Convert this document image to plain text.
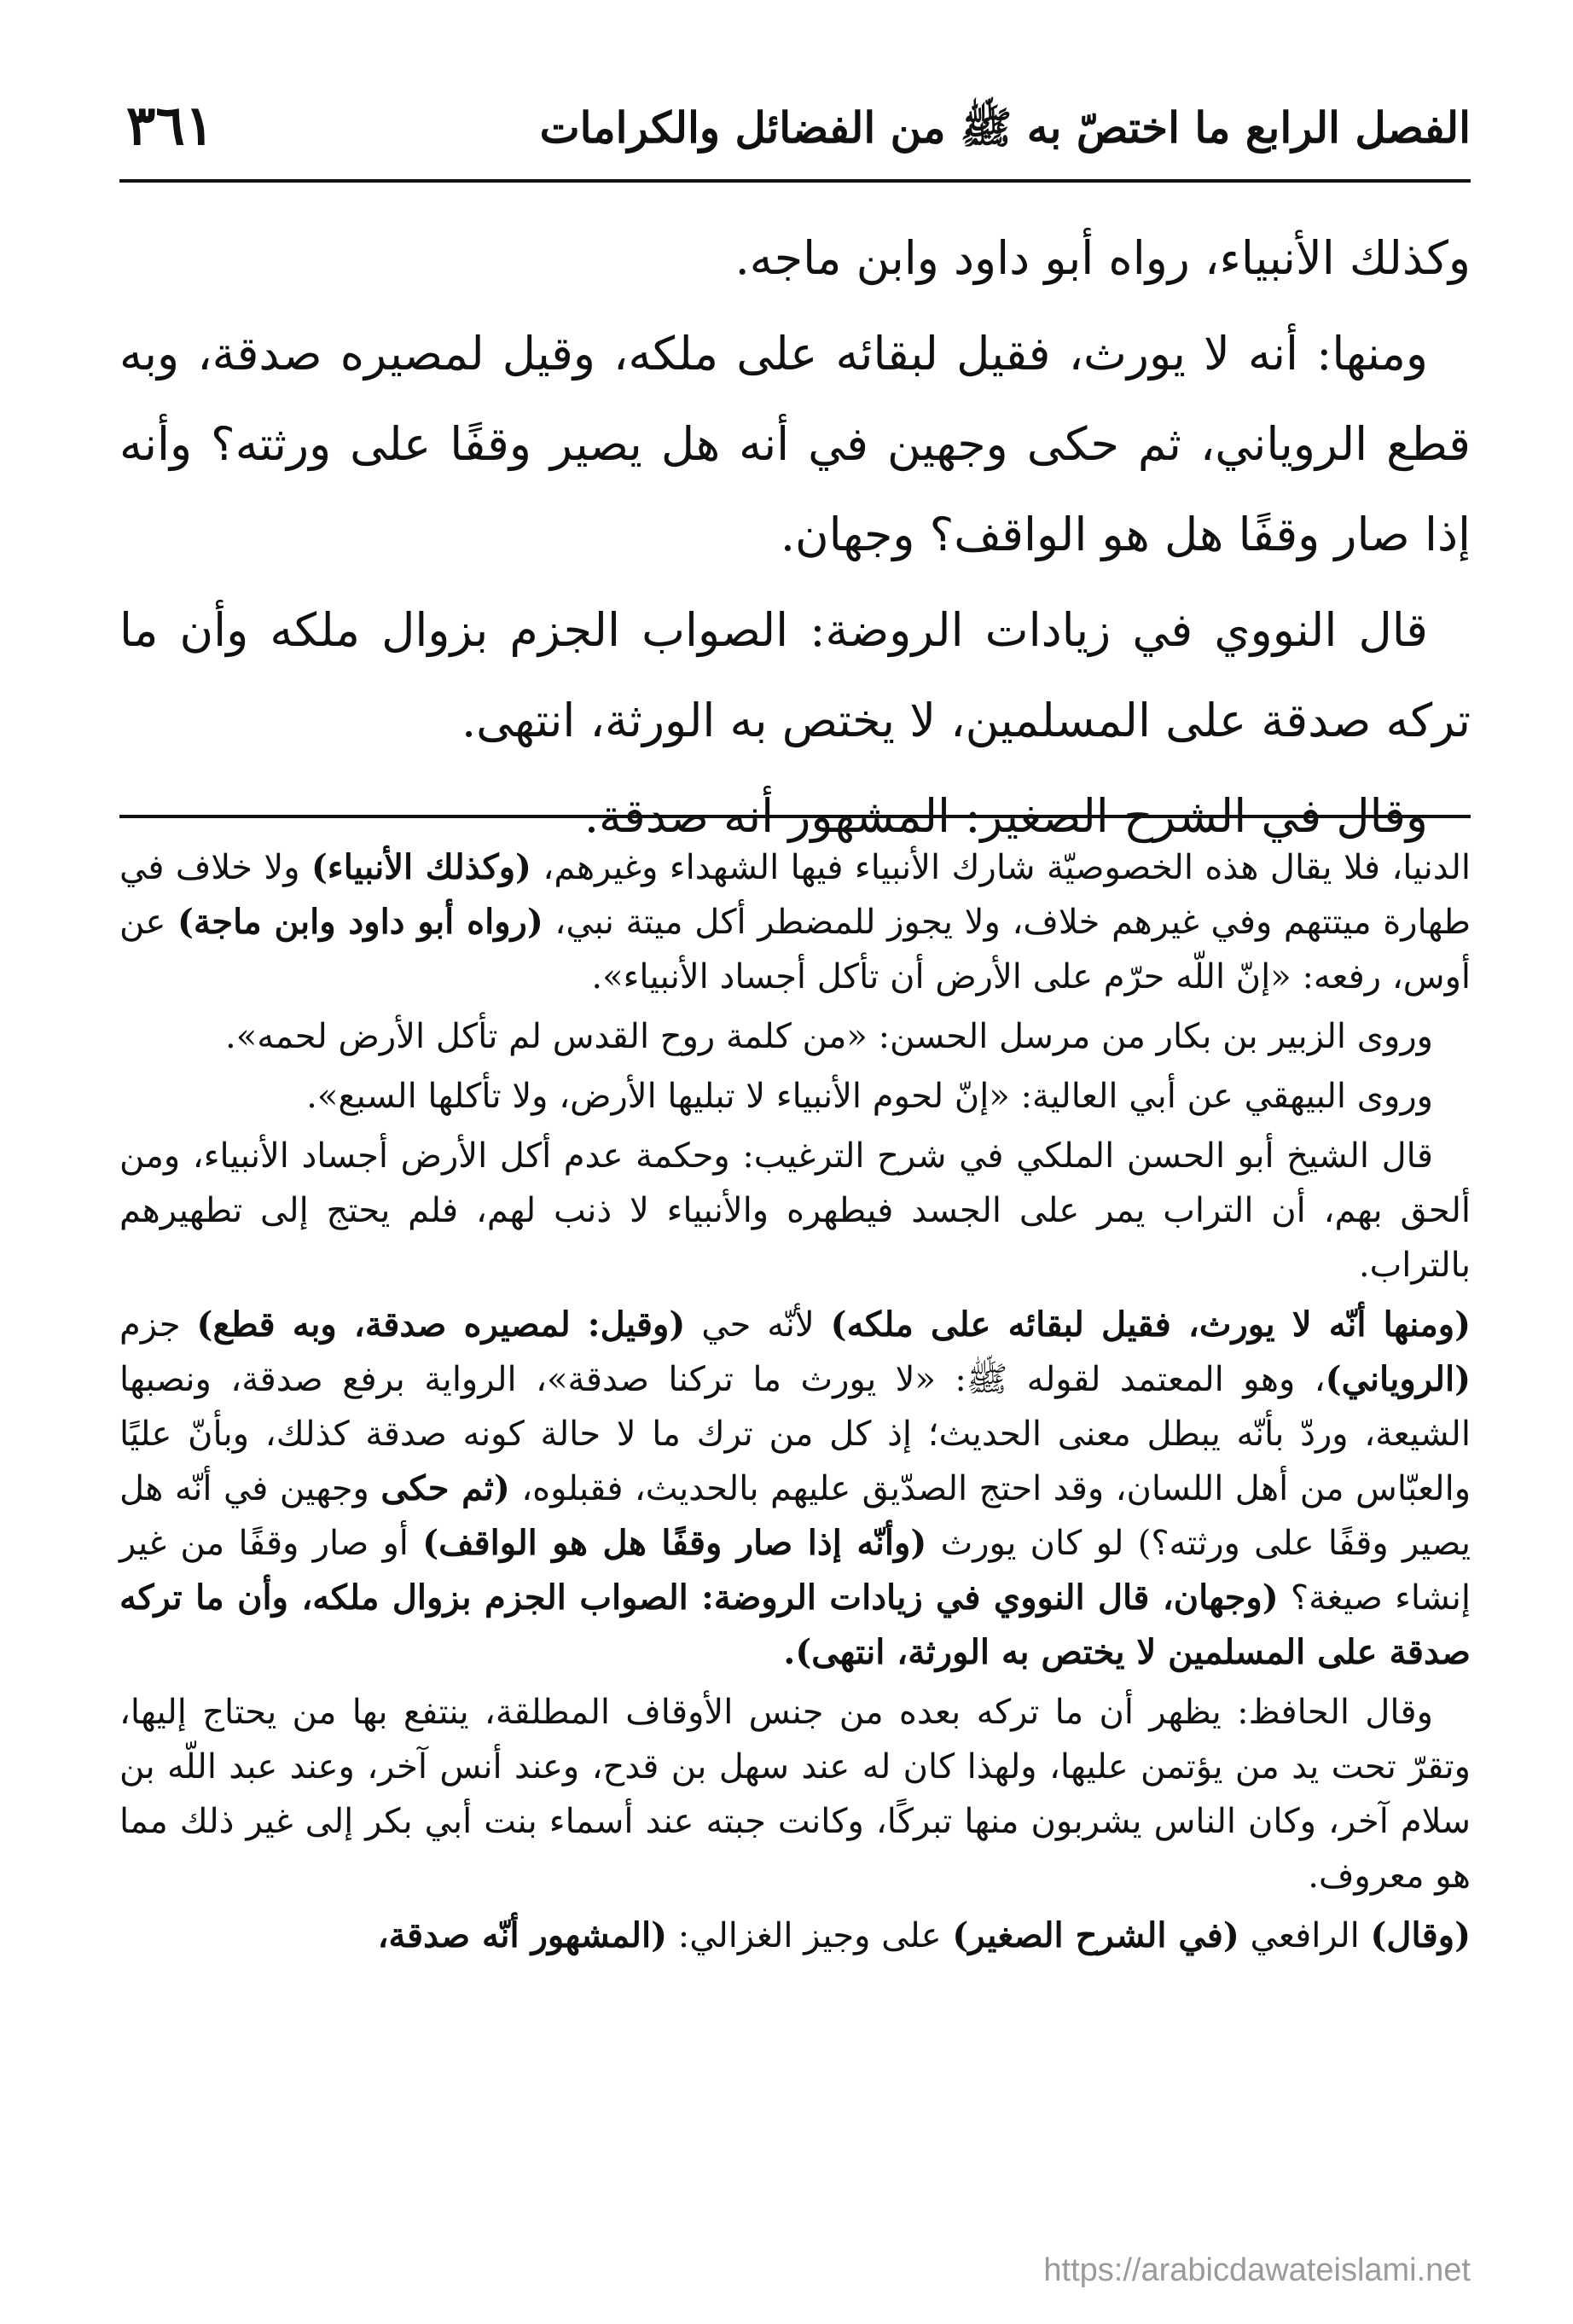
٣٦١	الفصل الرابع ما اختصّ به ﷺ من الفضائل والكرامات

وكذلك الأنبياء، رواه أبو داود وابن ماجه.

ومنها: أنه لا يورث، فقيل لبقائه على ملكه، وقيل لمصيره صدقة، وبه قطع الروياني، ثم حكى وجهين في أنه هل يصير وقفًا على ورثته؟ وأنه إذا صار وقفًا هل هو الواقف؟ وجهان.

قال النووي في زيادات الروضة: الصواب الجزم بزوال ملكه وأن ما تركه صدقة على المسلمين، لا يختص به الورثة، انتهى.

وقال في الشرح الصغير: المشهور أنه صدقة.

الدنيا، فلا يقال هذه الخصوصيّة شارك الأنبياء فيها الشهداء وغيرهم، (وكذلك الأنبياء) ولا خلاف في طهارة ميتتهم وفي غيرهم خلاف، ولا يجوز للمضطر أكل ميتة نبي، (رواه أبو داود وابن ماجة) عن أوس، رفعه: «إنّ اللّه حرّم على الأرض أن تأكل أجساد الأنبياء».

وروى الزبير بن بكار من مرسل الحسن: «من كلمة روح القدس لم تأكل الأرض لحمه».

وروى البيهقي عن أبي العالية: «إنّ لحوم الأنبياء لا تبليها الأرض، ولا تأكلها السبع».

قال الشيخ أبو الحسن الملكي في شرح الترغيب: وحكمة عدم أكل الأرض أجساد الأنبياء، ومن ألحق بهم، أن التراب يمر على الجسد فيطهره والأنبياء لا ذنب لهم، فلم يحتج إلى تطهيرهم بالتراب.

(ومنها أنّه لا يورث، فقيل لبقائه على ملكه) لأنّه حي (وقيل: لمصيره صدقة، وبه قطع) جزم (الروياني)، وهو المعتمد لقوله ﷺ: «لا يورث ما تركنا صدقة»، الرواية برفع صدقة، ونصبها الشيعة، وردّ بأنّه يبطل معنى الحديث؛ إذ كل من ترك ما لا حالة كونه صدقة كذلك، وبأنّ عليًا والعبّاس من أهل اللسان، وقد احتج الصدّيق عليهم بالحديث، فقبلوه، (ثم حكى وجهين في أنّه هل يصير وقفًا على ورثته؟) لو كان يورث (وأنّه إذا صار وقفًا هل هو الواقف) أو صار وقفًا من غير إنشاء صيغة؟ (وجهان، قال النووي في زيادات الروضة: الصواب الجزم بزوال ملكه، وأن ما تركه صدقة على المسلمين لا يختص به الورثة، انتهى).

وقال الحافظ: يظهر أن ما تركه بعده من جنس الأوقاف المطلقة، ينتفع بها من يحتاج إليها، وتقرّ تحت يد من يؤتمن عليها، ولهذا كان له عند سهل بن قدح، وعند أنس آخر، وعند عبد اللّه بن سلام آخر، وكان الناس يشربون منها تبركًا، وكانت جبته عند أسماء بنت أبي بكر إلى غير ذلك مما هو معروف.

(وقال) الرافعي (في الشرح الصغير) على وجيز الغزالي: (المشهور أنّه صدقة،

https://arabicdawateislami.net
